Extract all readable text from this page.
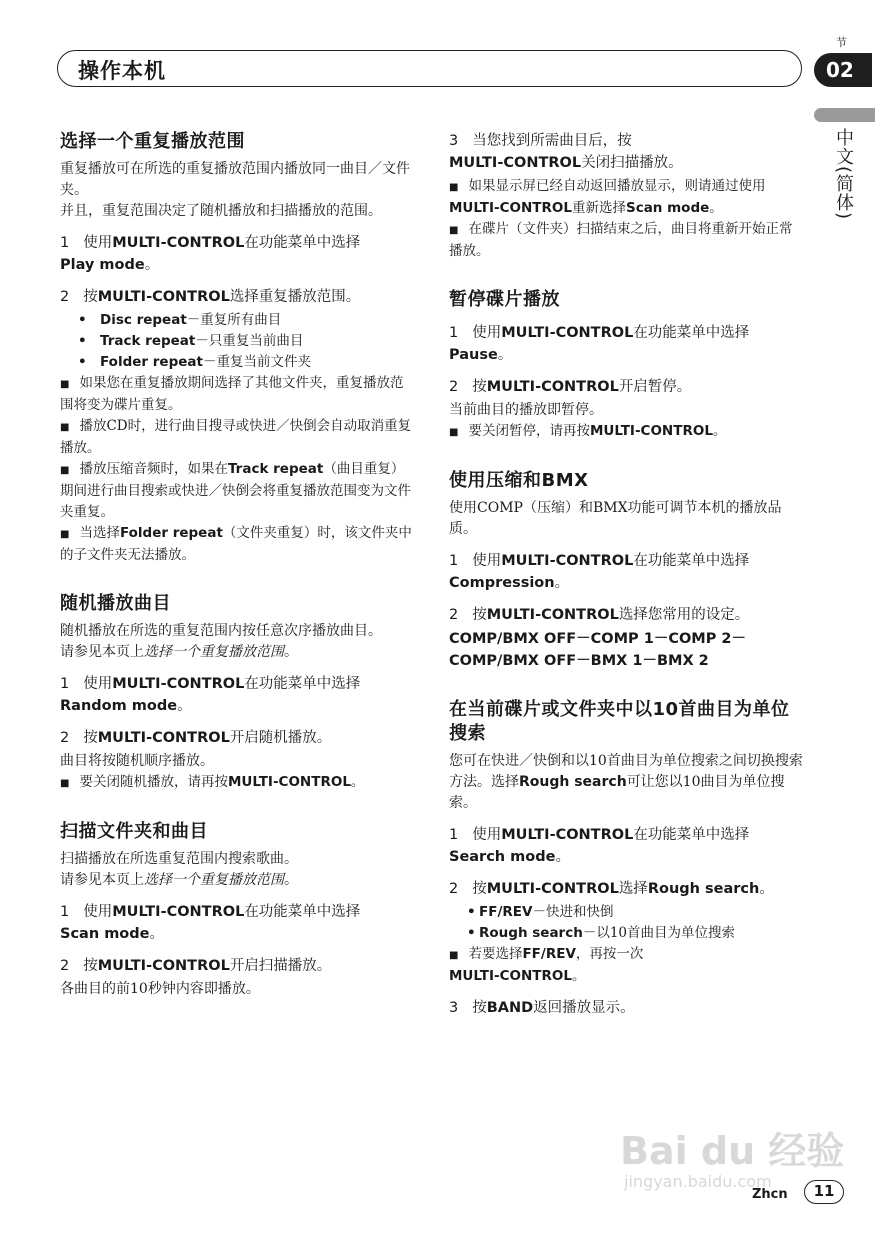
操作本机
节
02
中文(简体)
选择一个重复播放范围

重复播放可在所选的重复播放范围内播放同一曲目／文件夹。

并且，重复范围决定了随机播放和扫描播放的范围。

1 使用MULTI-CONTROL在功能菜单中选择
Play mode。
2 按MULTI-CONTROL选择重复播放范围。
• Disc repeat－重复所有曲目
• Track repeat－只重复当前曲目
• Folder repeat－重复当前文件夹
■ 如果您在重复播放期间选择了其他文件夹，重复播放范围将变为碟片重复。
■ 播放CD时，进行曲目搜寻或快进／快倒会自动取消重复播放。
■ 播放压缩音频时，如果在Track repeat（曲目重复）期间进行曲目搜索或快进／快倒会将重复播放范围变为文件夹重复。
■ 当选择Folder repeat（文件夹重复）时，该文件夹中的子文件夹无法播放。
随机播放曲目

随机播放在所选的重复范围内按任意次序播放曲目。

请参见本页上选择一个重复播放范围。

1 使用MULTI-CONTROL在功能菜单中选择
Random mode。
2 按MULTI-CONTROL开启随机播放。

曲目将按随机顺序播放。

■ 要关闭随机播放，请再按MULTI-CONTROL。
扫描文件夹和曲目

扫描播放在所选重复范围内搜索歌曲。

请参见本页上选择一个重复播放范围。

1 使用MULTI-CONTROL在功能菜单中选择
Scan mode。
2 按MULTI-CONTROL开启扫描播放。

各曲目的前10秒钟内容即播放。

3 当您找到所需曲目后，按
MULTI-CONTROL关闭扫描播放。
■ 如果显示屏已经自动返回播放显示，则请通过使用MULTI-CONTROL重新选择Scan mode。
■ 在碟片（文件夹）扫描结束之后，曲目将重新开始正常播放。
暂停碟片播放
1 使用MULTI-CONTROL在功能菜单中选择
Pause。
2 按MULTI-CONTROL开启暂停。

当前曲目的播放即暂停。

■ 要关闭暂停，请再按MULTI-CONTROL。
使用压缩和BMX

使用COMP（压缩）和BMX功能可调节本机的播放品质。

1 使用MULTI-CONTROL在功能菜单中选择
Compression。
2 按MULTI-CONTROL选择您常用的设定。
COMP/BMX OFF－COMP 1－COMP 2－
COMP/BMX OFF－BMX 1－BMX 2
在当前碟片或文件夹中以10首曲目为单位搜索

您可在快进／快倒和以10首曲目为单位搜索之间切换搜索方法。选择Rough search可让您以10曲目为单位搜索。

1 使用MULTI-CONTROL在功能菜单中选择
Search mode。
2 按MULTI-CONTROL选择Rough search。
• FF/REV－快进和快倒
• Rough search－以10首曲目为单位搜索
■ 若要选择FF/REV，再按一次
MULTI-CONTROL。
3 按BAND返回播放显示。
Bai du 经验
jingyan.baidu.com
Zhcn	11
